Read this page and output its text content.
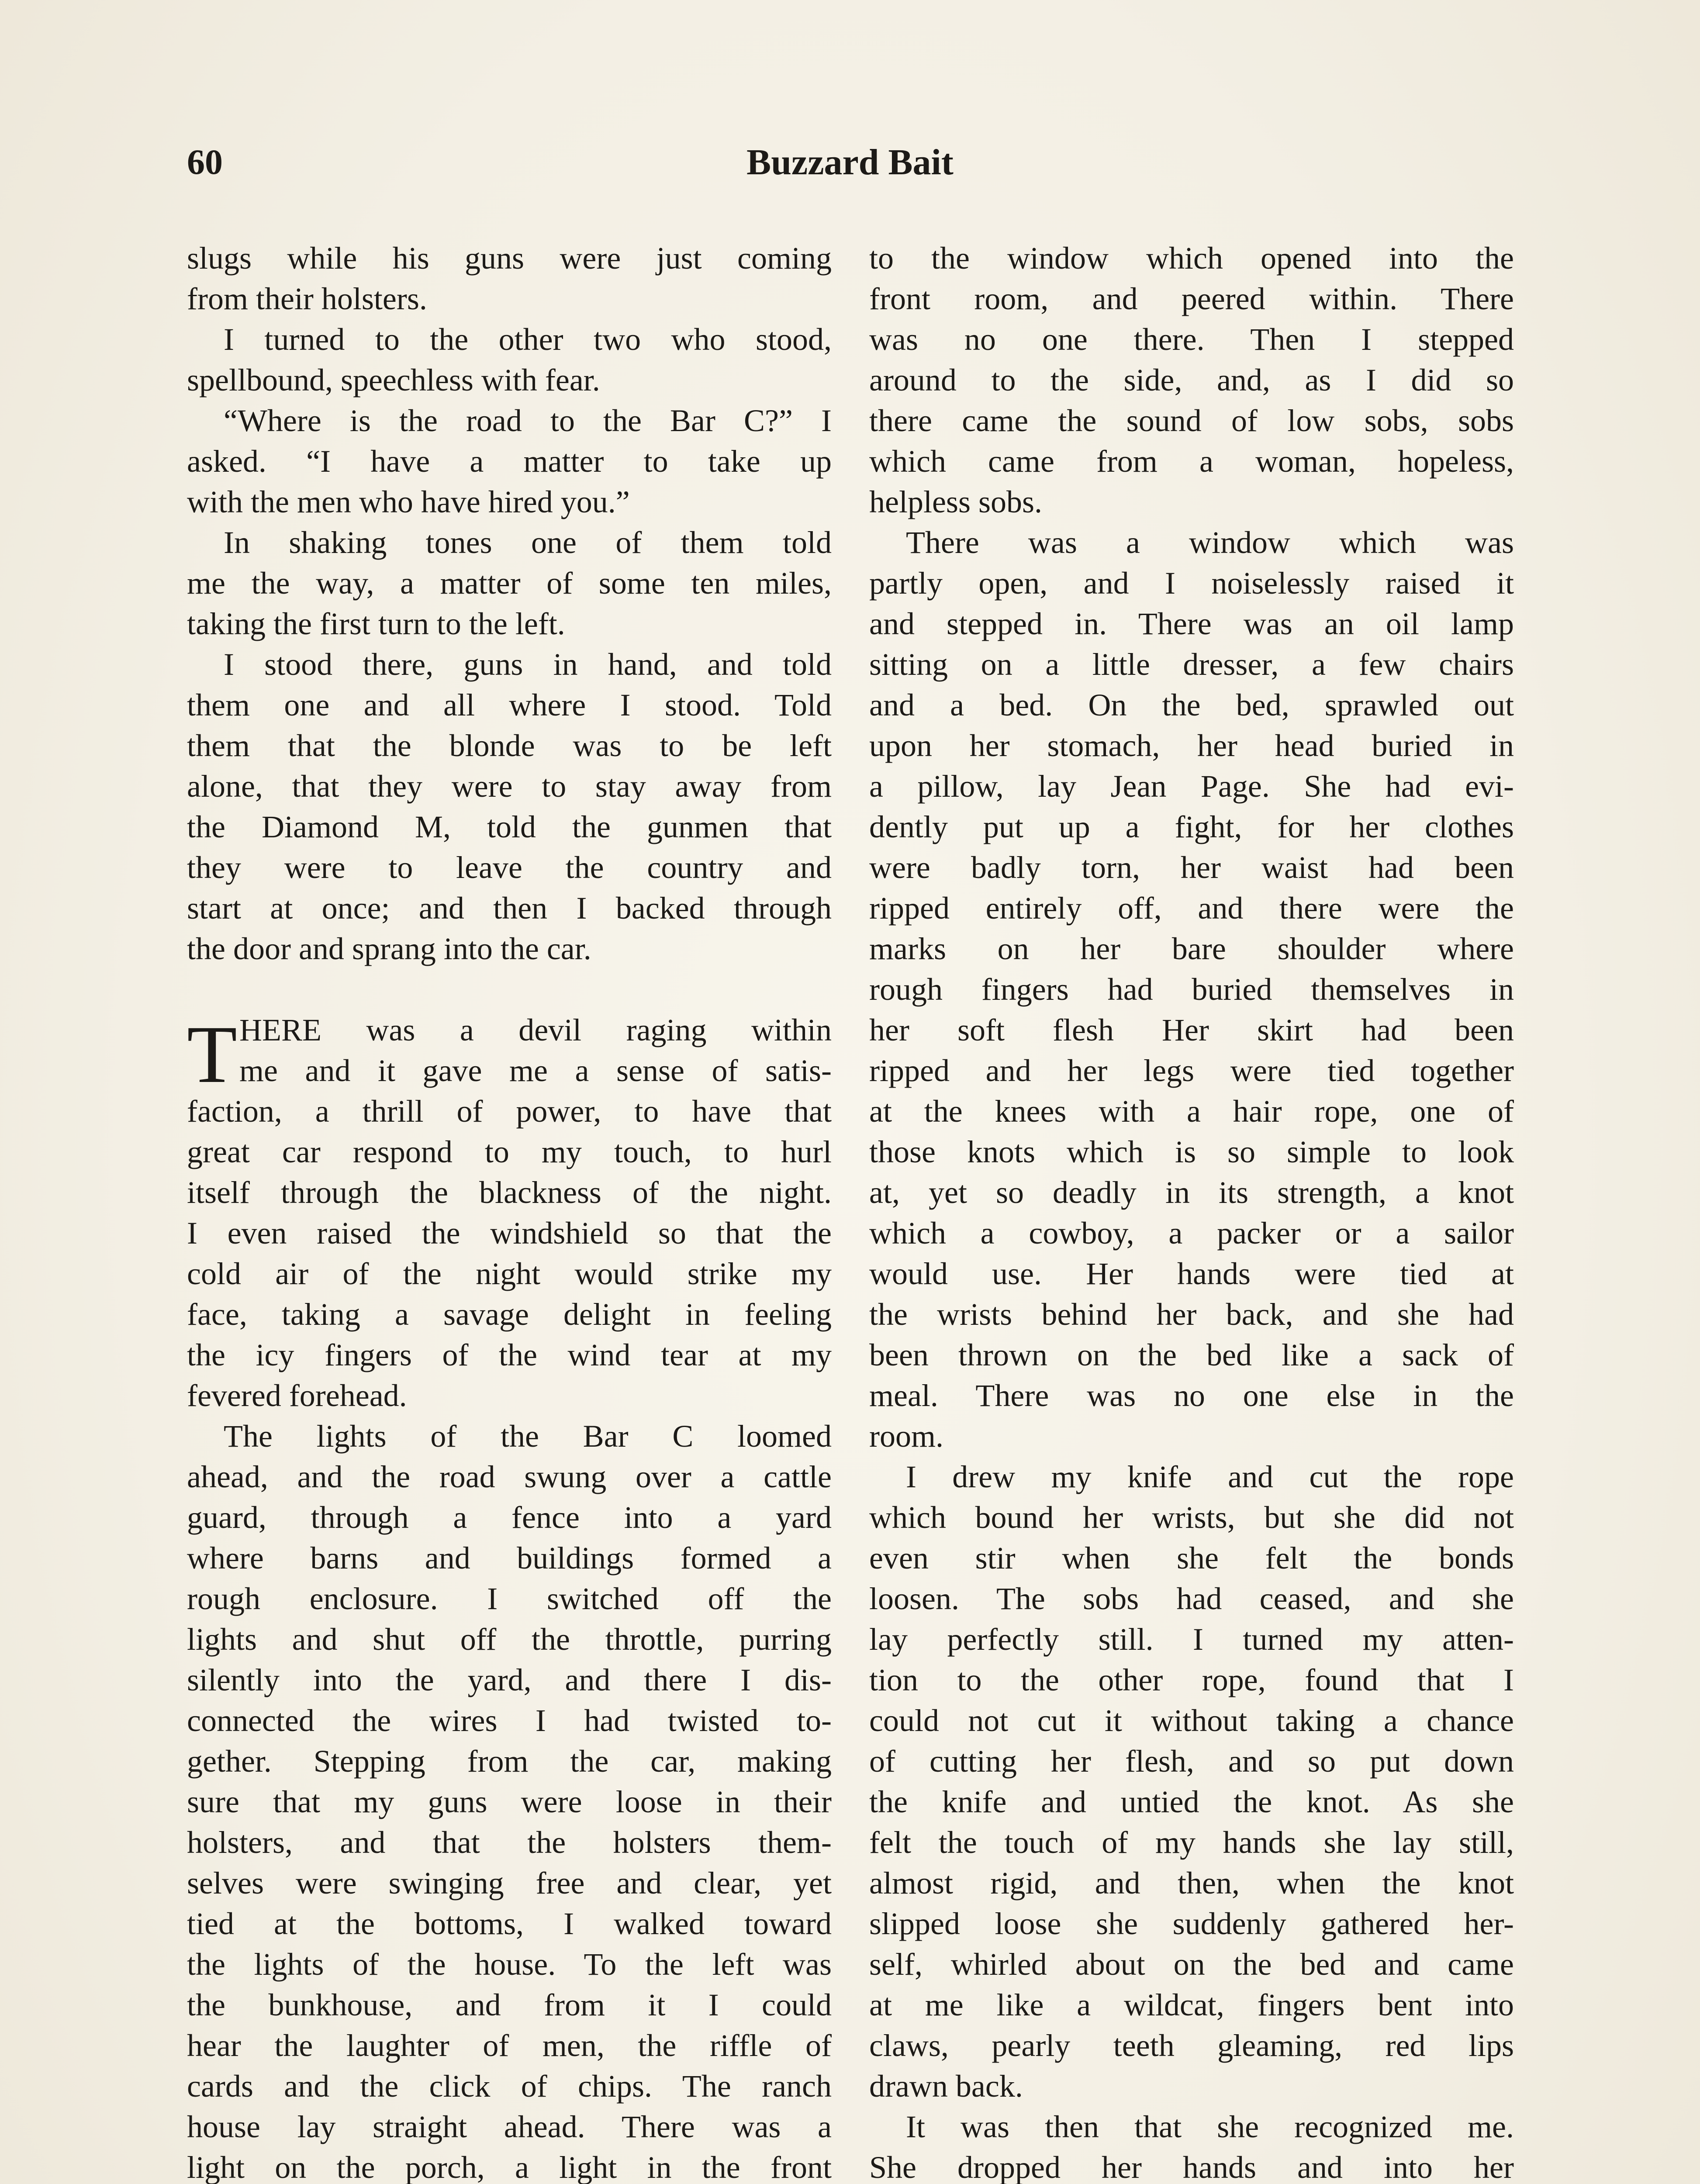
60	Buzzard Bait
slugs while his guns were just coming
from their holsters.
I turned to the other two who stood,
spellbound, speechless with fear.
“Where is the road to the Bar C?” I
asked. “I have a matter to take up
with the men who have hired you.”
In shaking tones one of them told
me the way, a matter of some ten miles,
taking the first turn to the left.
I stood there, guns in hand, and told
them one and all where I stood. Told
them that the blonde was to be left
alone, that they were to stay away from
the Diamond M, told the gunmen that
they were to leave the country and
start at once; and then I backed through
the door and sprang into the car.
T HERE was a devil raging within
me and it gave me a sense of satis-
faction, a thrill of power, to have that
great car respond to my touch, to hurl
itself through the blackness of the night.
I even raised the windshield so that the
cold air of the night would strike my
face, taking a savage delight in feeling
the icy fingers of the wind tear at my
fevered forehead.
The lights of the Bar C loomed
ahead, and the road swung over a cattle
guard, through a fence into a yard
where barns and buildings formed a
rough enclosure. I switched off the
lights and shut off the throttle, purring
silently into the yard, and there I dis-
connected the wires I had twisted to-
gether. Stepping from the car, making
sure that my guns were loose in their
holsters, and that the holsters them-
selves were swinging free and clear, yet
tied at the bottoms, I walked toward
the lights of the house. To the left was
the bunkhouse, and from it I could
hear the laughter of men, the riffle of
cards and the click of chips. The ranch
house lay straight ahead. There was a
light on the porch, a light in the front
to the window which opened into the
front room, and peered within. There
was no one there. Then I stepped
around to the side, and, as I did so
there came the sound of low sobs, sobs
which came from a woman, hopeless,
helpless sobs.
There was a window which was
partly open, and I noiselessly raised it
and stepped in. There was an oil lamp
sitting on a little dresser, a few chairs
and a bed. On the bed, sprawled out
upon her stomach, her head buried in
a pillow, lay Jean Page. She had evi-
dently put up a fight, for her clothes
were badly torn, her waist had been
ripped entirely off, and there were the
marks on her bare shoulder where
rough fingers had buried themselves in
her soft flesh Her skirt had been
ripped and her legs were tied together
at the knees with a hair rope, one of
those knots which is so simple to look
at, yet so deadly in its strength, a knot
which a cowboy, a packer or a sailor
would use. Her hands were tied at
the wrists behind her back, and she had
been thrown on the bed like a sack of
meal. There was no one else in the
room.
I drew my knife and cut the rope
which bound her wrists, but she did not
even stir when she felt the bonds
loosen. The sobs had ceased, and she
lay perfectly still. I turned my atten-
tion to the other rope, found that I
could not cut it without taking a chance
of cutting her flesh, and so put down
the knife and untied the knot. As she
felt the touch of my hands she lay still,
almost rigid, and then, when the knot
slipped loose she suddenly gathered her-
self, whirled about on the bed and came
at me like a wildcat, fingers bent into
claws, pearly teeth gleaming, red lips
drawn back.
It was then that she recognized me.
She dropped her hands and into her
